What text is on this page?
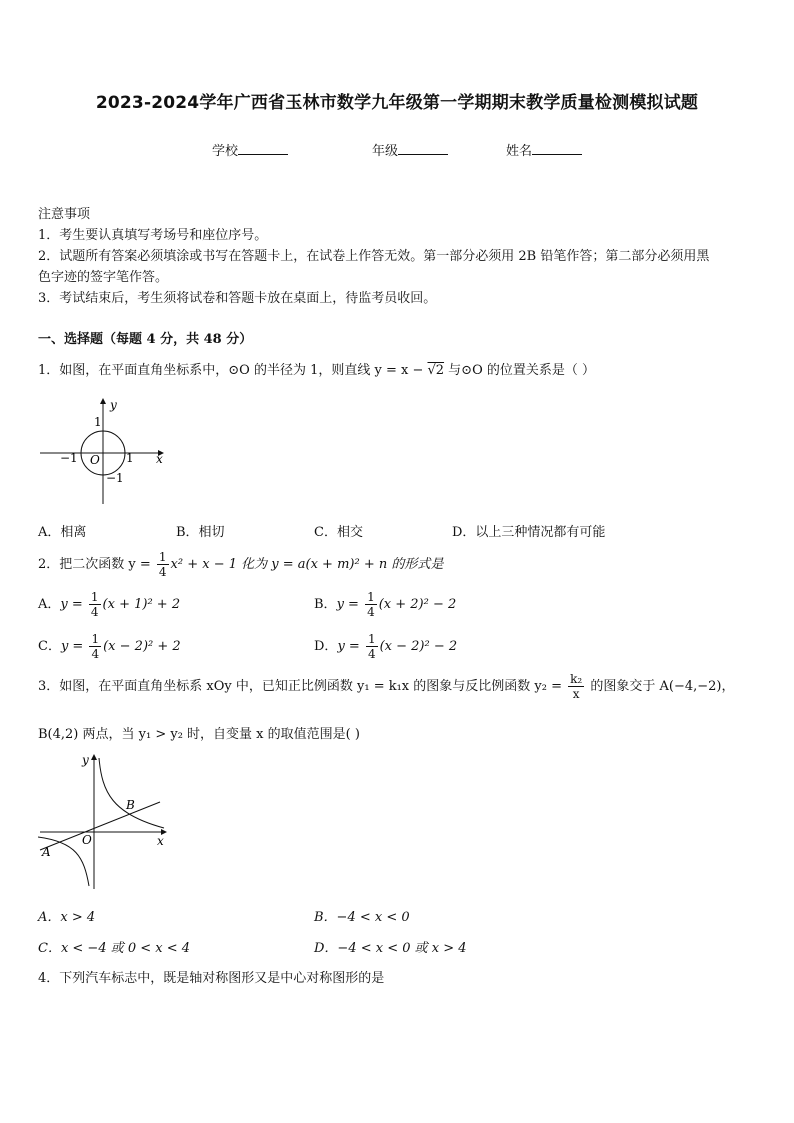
2023-2024学年广西省玉林市数学九年级第一学期期末教学质量检测模拟试题
学校	年级	姓名
注意事项
1．考生要认真填写考场号和座位序号。
2．试题所有答案必须填涂或书写在答题卡上，在试卷上作答无效。第一部分必须用 2B 铅笔作答；第二部分必须用黑
色字迹的签字笔作答。
3．考试结束后，考生须将试卷和答题卡放在桌面上，待监考员收回。
一、选择题（每题 4 分，共 48 分）
1．如图，在平面直角坐标系中，⊙O 的半径为 1，则直线 y = x − √2 与⊙O 的位置关系是（ ）
y
x
O
1
−1	1
−1
A．相离	B．相切	C．相交	D．以上三种情况都有可能
2．把二次函数 $y = \frac{1}{4} x^2 + x - 1$ 化为 y = a(x + m)² + n 的形式是
A．$y = \frac{1}{4} (x + 1)^2 + 2$	B．$y = \frac{1}{4} (x + 2)^2 - 2$
C．$y = \frac{1}{4} (x - 2)^2 + 2$	D．$y = \frac{1}{4} (x - 2)^2 - 2$
3．如图，在平面直角坐标系 xOy 中，已知正比例函数 y₁ = k₁x 的图象与反比例函数 $y_2 = \frac{\text{k₂}}{x}$ 的图象交于 A(−4,−2)，
B(4,2) 两点，当 y₁ > y₂ 时，自变量 x 的取值范围是( )
y
x
O
A
B
A．x > 4	B．−4 < x < 0
C．x < −4 或 0 < x < 4	D．−4 < x < 0 或 x > 4
4．下列汽车标志中，既是轴对称图形又是中心对称图形的是
